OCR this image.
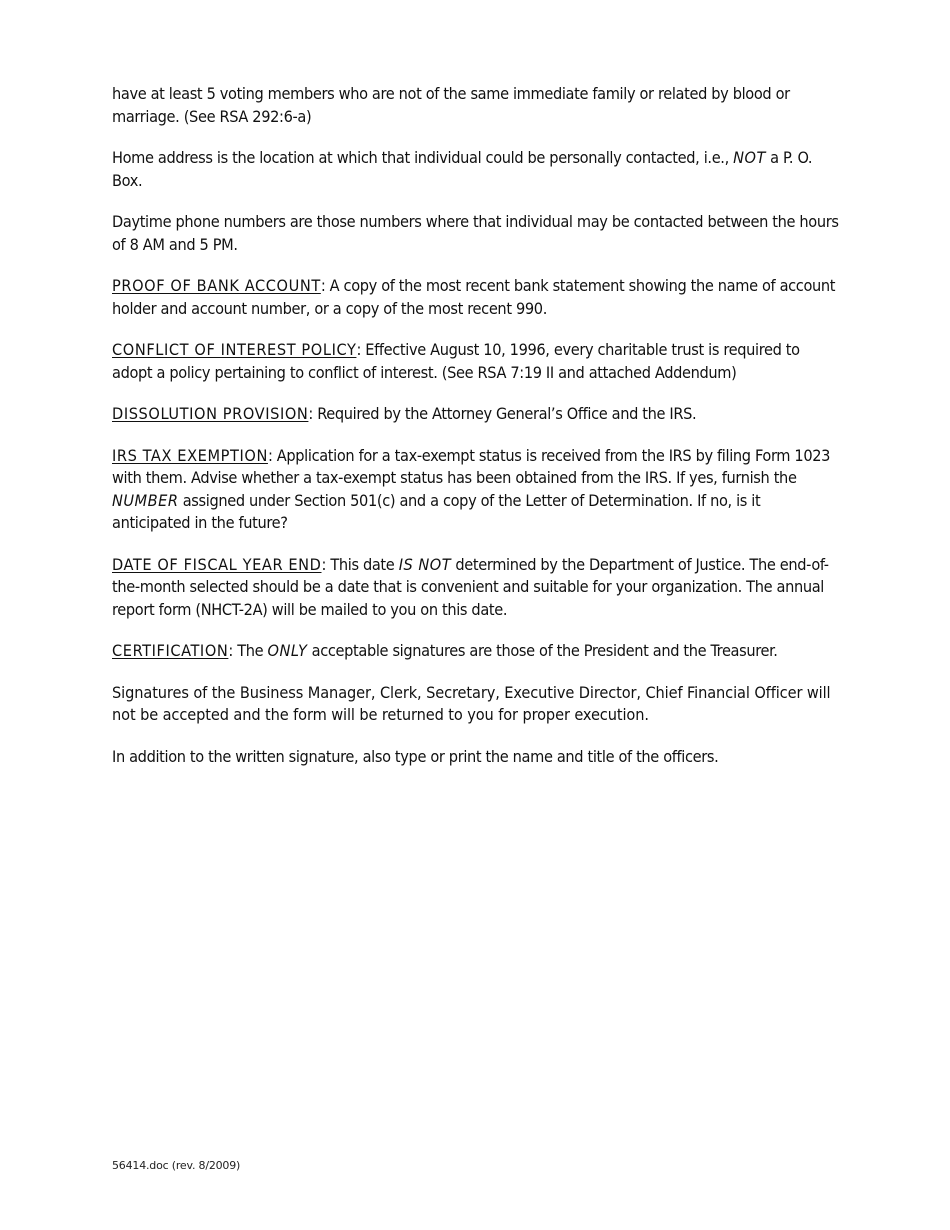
have at least 5 voting members who are not of the same immediate family or related by blood or marriage. (See RSA 292:6-a)

Home address is the location at which that individual could be personally contacted, i.e., NOT a P. O. Box.

Daytime phone numbers are those numbers where that individual may be contacted between the hours of 8 AM and 5 PM.

PROOF OF BANK ACCOUNT: A copy of the most recent bank statement showing the name of account holder and account number, or a copy of the most recent 990.

CONFLICT OF INTEREST POLICY: Effective August 10, 1996, every charitable trust is required to adopt a policy pertaining to conflict of interest. (See RSA 7:19 II and attached Addendum)

DISSOLUTION PROVISION: Required by the Attorney General’s Office and the IRS.

IRS TAX EXEMPTION: Application for a tax-exempt status is received from the IRS by filing Form 1023 with them. Advise whether a tax-exempt status has been obtained from the IRS. If yes, furnish the NUMBER assigned under Section 501(c) and a copy of the Letter of Determination. If no, is it anticipated in the future?

DATE OF FISCAL YEAR END: This date IS NOT determined by the Department of Justice. The end-of-the-month selected should be a date that is convenient and suitable for your organization. The annual report form (NHCT-2A) will be mailed to you on this date.

CERTIFICATION: The ONLY acceptable signatures are those of the President and the Treasurer.

Signatures of the Business Manager, Clerk, Secretary, Executive Director, Chief Financial Officer will not be accepted and the form will be returned to you for proper execution.

In addition to the written signature, also type or print the name and title of the officers.

56414.doc (rev. 8/2009)
